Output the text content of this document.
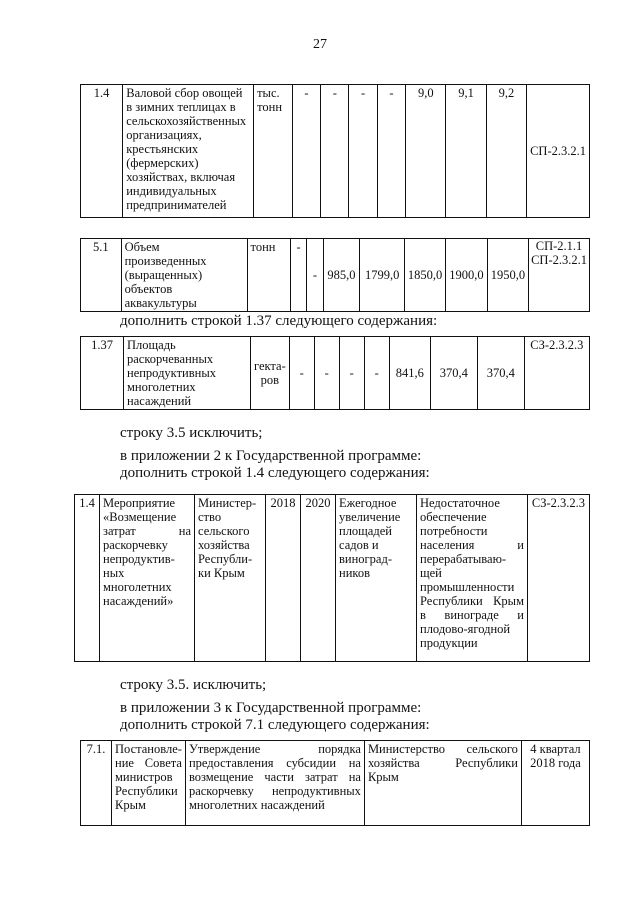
27
1.4	Валовой сбор овощей в зимних теплицах в сельскохозяйственных организациях, крестьянских (фермерских) хозяйствах, включая индивидуальных предпринимателей	тыс. тонн	-	-	-	-	9,0	9,1	9,2	СП-2.3.2.1
5.1	Объем произведенных (выращенных) объектов аквакультуры	тонн	-	-	985,0	1799,0	1850,0	1900,0	1950,0	СП-2.1.1 СП-2.3.2.1
дополнить строкой 1.37 следующего содержания:
1.37	Площадь раскорчеванных непродуктивных многолетних насаждений	гекта-ров	-	-	-	-	841,6	370,4	370,4	СЗ-2.3.2.3
строку 3.5 исключить;
в приложении 2 к Государственной программе:
дополнить строкой 1.4 следующего содержания:
1.4	Мероприятие «Возмещение затрат на раскорчевку непродуктив-ных многолетних насаждений»	Министер-ство сельского хозяйства Республи-ки Крым	2018	2020	Ежегодное увеличение площадей садов и виноград-ников	Недостаточное обеспечение потребности населения и перерабатываю-щей промышленности Республики Крым в винограде и плодово-ягодной продукции	СЗ-2.3.2.3
строку 3.5. исключить;
в приложении 3 к Государственной программе:
дополнить строкой 7.1 следующего содержания:
7.1.	Постановле-ние Совета министров Республики Крым	Утверждение порядка предоставления субсидии на возмещение части затрат на раскорчевку непродуктивных многолетних насаждений	Министерство сельского хозяйства Республики Крым	4 квартал 2018 года
